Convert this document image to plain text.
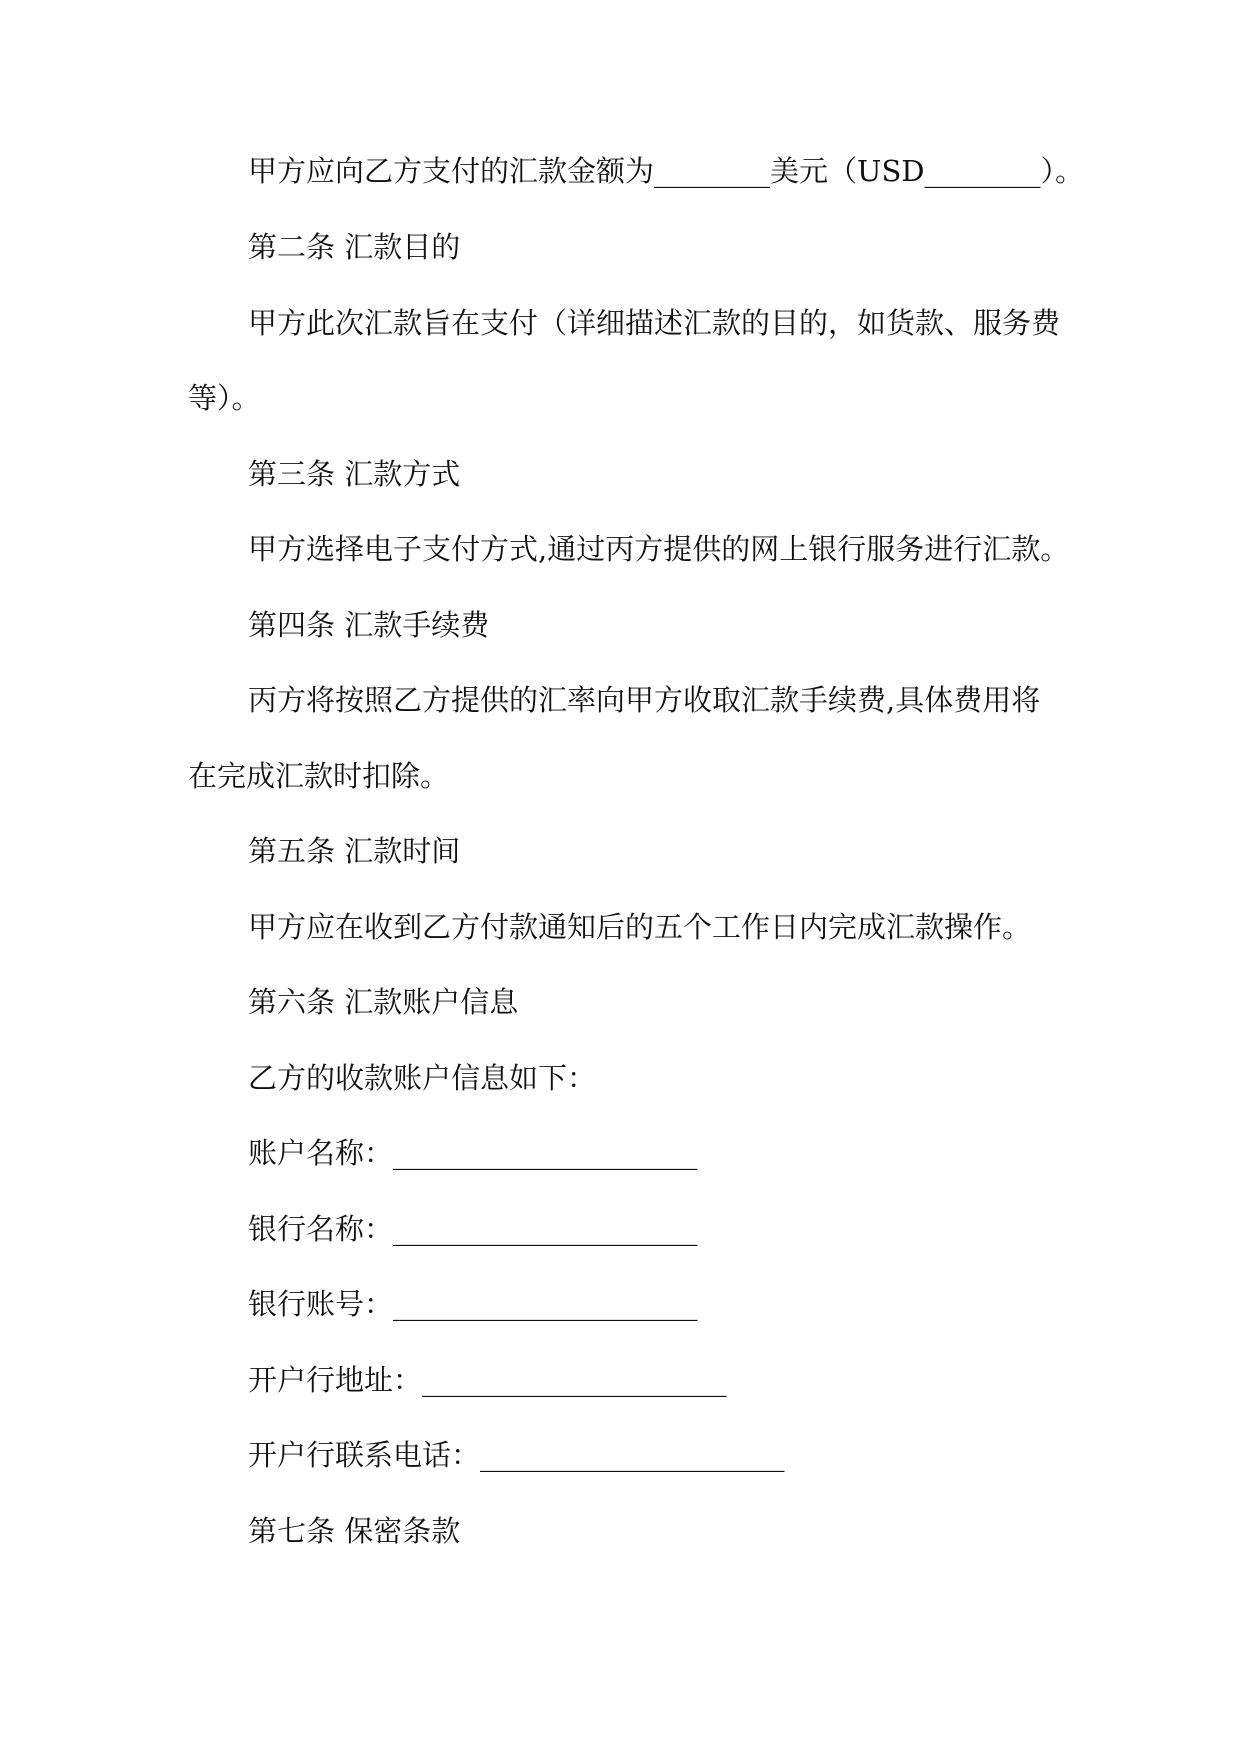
甲方应向乙方支付的汇款金额为________美元（USD________）。
第二条 汇款目的
甲方此次汇款旨在支付（详细描述汇款的目的，如货款、服务费
等）。
第三条 汇款方式
甲方选择电子支付方式,通过丙方提供的网上银行服务进行汇款。
第四条 汇款手续费
丙方将按照乙方提供的汇率向甲方收取汇款手续费,具体费用将
在完成汇款时扣除。
第五条 汇款时间
甲方应在收到乙方付款通知后的五个工作日内完成汇款操作。
第六条 汇款账户信息
乙方的收款账户信息如下：
账户名称：_____________________
银行名称：_____________________
银行账号：_____________________
开户行地址：_____________________
开户行联系电话：_____________________
第七条 保密条款
